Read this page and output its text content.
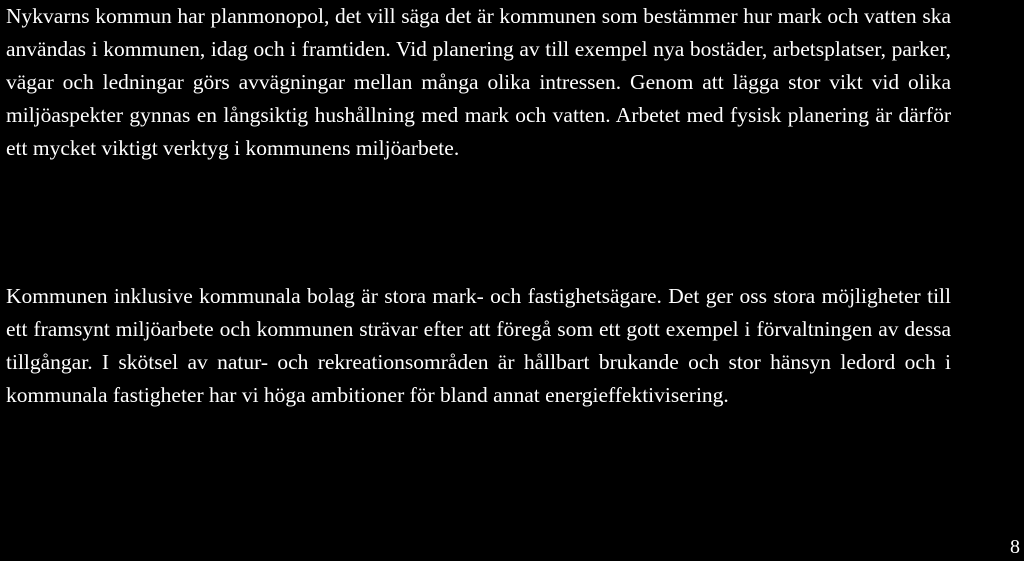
Nykvarns kommun har planmonopol, det vill säga det är kommunen som bestämmer hur mark och vatten ska användas i kommunen, idag och i framtiden. Vid planering av till exempel nya bostäder, arbetsplatser, parker, vägar och ledningar görs avvägningar mellan många olika intressen. Genom att lägga stor vikt vid olika miljöaspekter gynnas en långsiktig hushållning med mark och vatten. Arbetet med fysisk planering är därför ett mycket viktigt verktyg i kommunens miljöarbete.

Kommunen inklusive kommunala bolag är stora mark- och fastighetsägare. Det ger oss stora möjligheter till ett framsynt miljöarbete och kommunen strävar efter att föregå som ett gott exempel i förvaltningen av dessa tillgångar. I skötsel av natur- och rekreationsområden är hållbart brukande och stor hänsyn ledord och i kommunala fastigheter har vi höga ambitioner för bland annat energieffektivisering.

8
